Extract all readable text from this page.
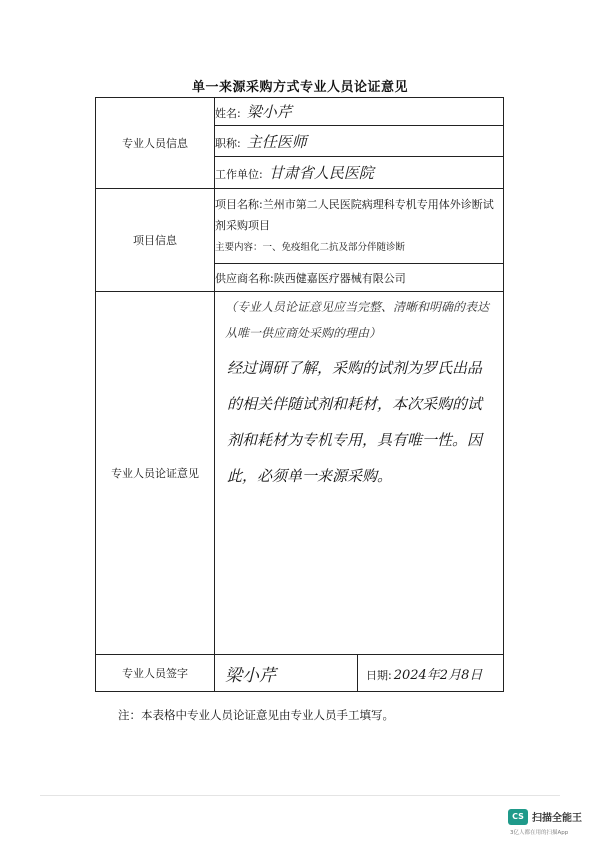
单一来源采购方式专业人员论证意见
专业人员信息	姓名: 梁小芹
	职称: 主任医师
	工作单位: 甘肃省人民医院
项目信息	项目名称:兰州市第二人民医院病理科专机专用体外诊断试剂采购项目
主要内容：一、免疫组化二抗及部分伴随诊断
	供应商名称:陕西健嘉医疗器械有限公司
专业人员论证意见	（专业人员论证意见应当完整、清晰和明确的表达从唯一供应商处采购的理由）
经过调研了解，采购的试剂为罗氏出品的相关伴随试剂和耗材，本次采购的试剂和耗材为专机专用，具有唯一性。因此，必须单一来源采购。

专业人员签字	梁小芹 日期: 2024年2月8日
注：本表格中专业人员论证意见由专业人员手工填写。
CS 扫描全能王
3亿人都在用的扫描App
